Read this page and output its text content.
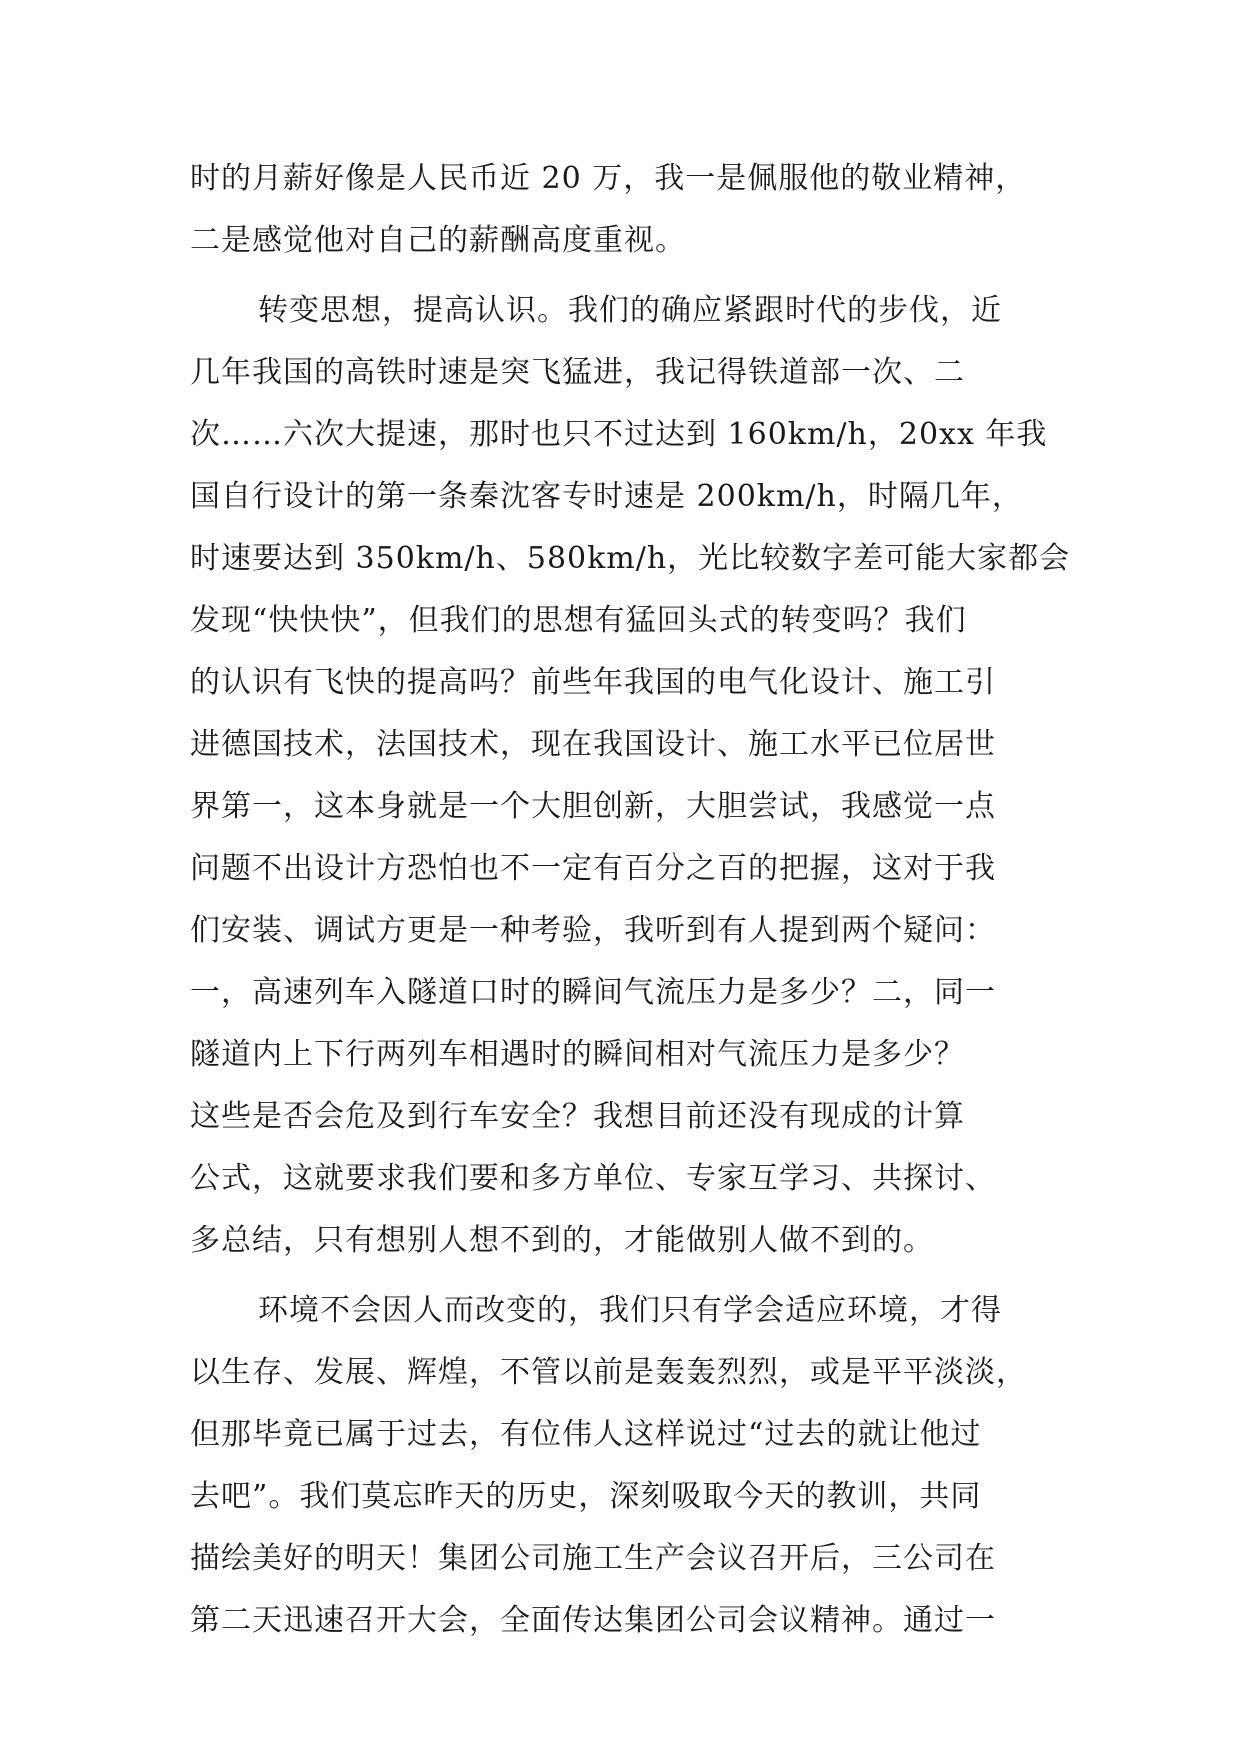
时的月薪好像是人民币近 20 万，我一是佩服他的敬业精神，
二是感觉他对自己的薪酬高度重视。
转变思想，提高认识。我们的确应紧跟时代的步伐，近
几年我国的高铁时速是突飞猛进，我记得铁道部一次、二
次……六次大提速，那时也只不过达到 160km/h，20xx 年我
国自行设计的第一条秦沈客专时速是 200km/h，时隔几年，
时速要达到 350km/h、580km/h，光比较数字差可能大家都会
发现“快快快”，但我们的思想有猛回头式的转变吗？我们
的认识有飞快的提高吗？前些年我国的电气化设计、施工引
进德国技术，法国技术，现在我国设计、施工水平已位居世
界第一，这本身就是一个大胆创新，大胆尝试，我感觉一点
问题不出设计方恐怕也不一定有百分之百的把握，这对于我
们安装、调试方更是一种考验，我听到有人提到两个疑问：
一，高速列车入隧道口时的瞬间气流压力是多少？二，同一
隧道内上下行两列车相遇时的瞬间相对气流压力是多少？
这些是否会危及到行车安全？我想目前还没有现成的计算
公式，这就要求我们要和多方单位、专家互学习、共探讨、
多总结，只有想别人想不到的，才能做别人做不到的。
环境不会因人而改变的，我们只有学会适应环境，才得
以生存、发展、辉煌，不管以前是轰轰烈烈，或是平平淡淡，
但那毕竟已属于过去，有位伟人这样说过“过去的就让他过
去吧”。我们莫忘昨天的历史，深刻吸取今天的教训，共同
描绘美好的明天！集团公司施工生产会议召开后，三公司在
第二天迅速召开大会，全面传达集团公司会议精神。通过一
